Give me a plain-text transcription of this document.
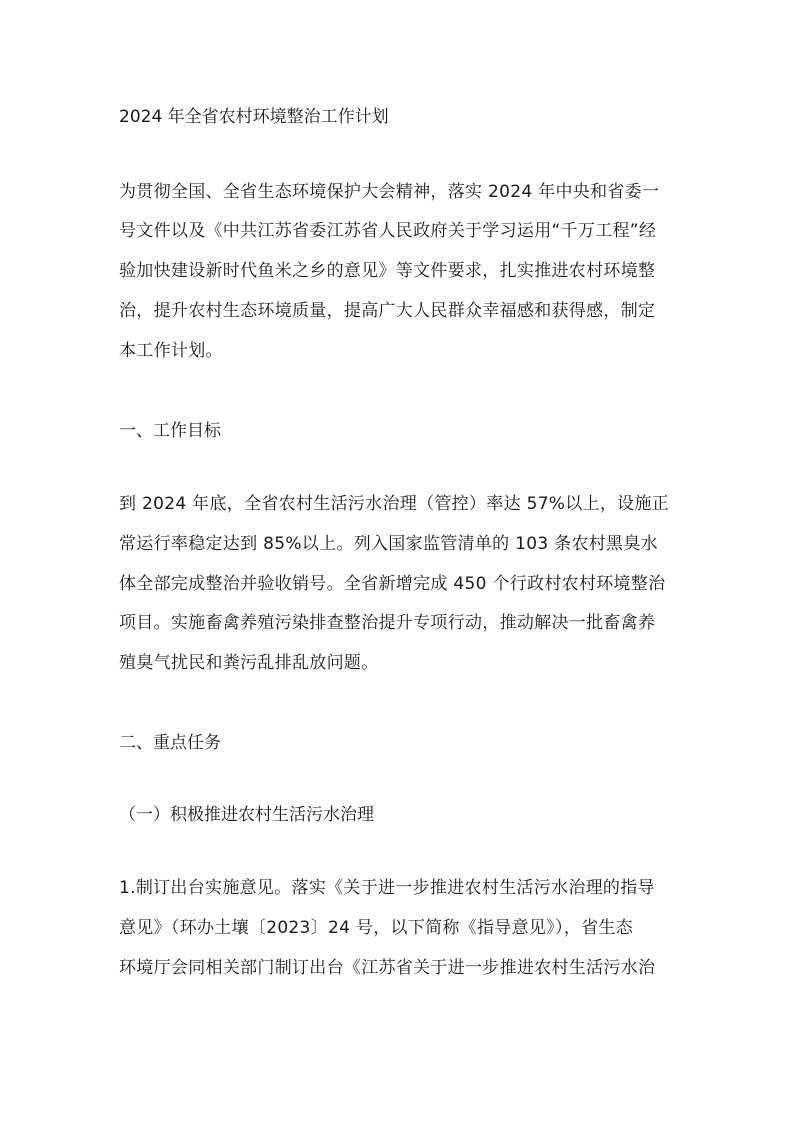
2024 年全省农村环境整治工作计划

为贯彻全国、全省生态环境保护大会精神，落实 2024 年中央和省委一

号文件以及《中共江苏省委江苏省人民政府关于学习运用“千万工程”经

验加快建设新时代鱼米之乡的意见》等文件要求，扎实推进农村环境整

治，提升农村生态环境质量，提高广大人民群众幸福感和获得感，制定

本工作计划。

一、工作目标

到 2024 年底，全省农村生活污水治理（管控）率达 57%以上，设施正

常运行率稳定达到 85%以上。列入国家监管清单的 103 条农村黑臭水

体全部完成整治并验收销号。全省新增完成 450 个行政村农村环境整治

项目。实施畜禽养殖污染排查整治提升专项行动，推动解决一批畜禽养

殖臭气扰民和粪污乱排乱放问题。

二、重点任务
（一）积极推进农村生活污水治理

1.制订出台实施意见。落实《关于进一步推进农村生活污水治理的指导

意见》（环办土壤〔2023〕24 号，以下简称《指导意见》），省生态

环境厅会同相关部门制订出台《江苏省关于进一步推进农村生活污水治
